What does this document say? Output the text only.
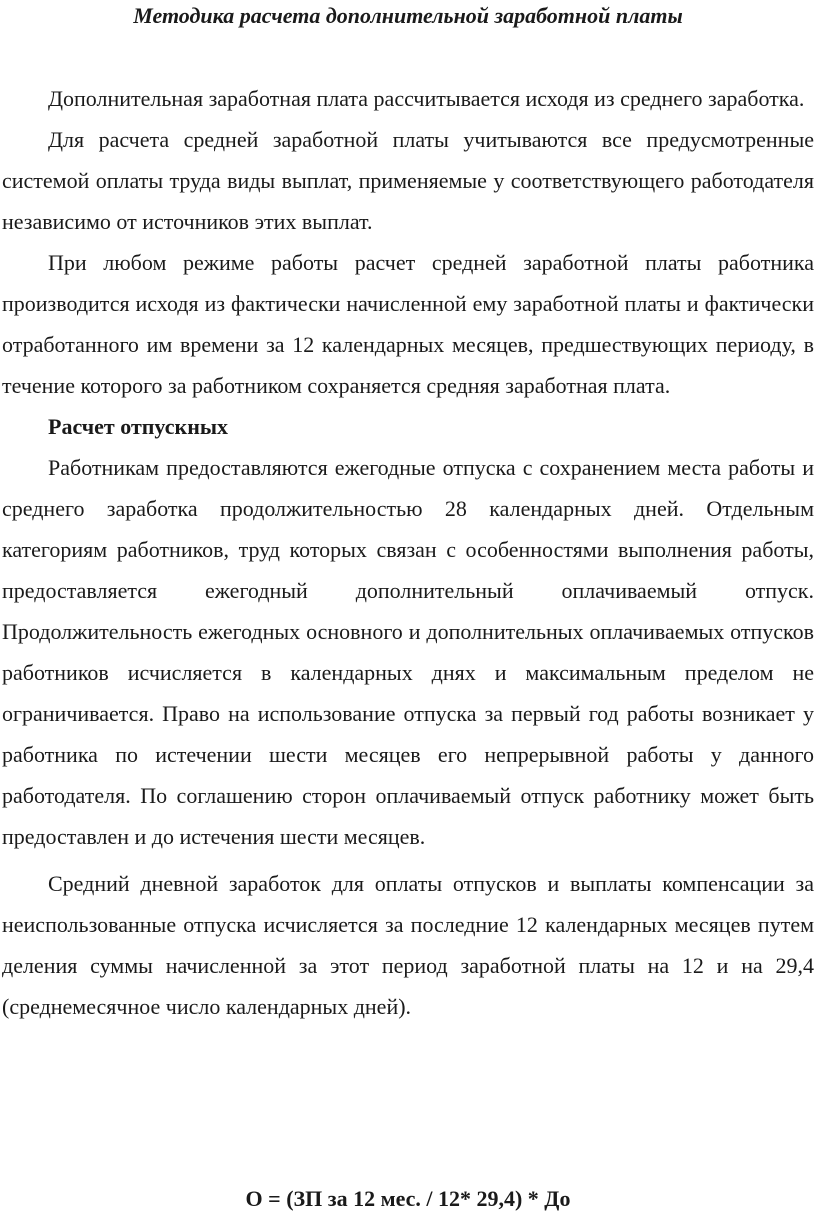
Методика расчета дополнительной заработной платы

Дополнительная заработная плата рассчитывается исходя из среднего заработка.

Для расчета средней заработной платы учитываются все предусмотренные системой оплаты труда виды выплат, применяемые у соответствующего работодателя независимо от источников этих выплат.

При любом режиме работы расчет средней заработной платы работника производится исходя из фактически начисленной ему заработной платы и фактически отработанного им времени за 12 календарных месяцев, предшествующих периоду, в течение которого за работником сохраняется средняя заработная плата.

Расчет отпускных

Работникам предоставляются ежегодные отпуска с сохранением места работы и среднего заработка продолжительностью 28 календарных дней. Отдельным категориям работников, труд которых связан с особенностями выполнения работы, предоставляется ежегодный дополнительный оплачиваемый отпуск. Продолжительность ежегодных основного и дополнительных оплачиваемых отпусков работников исчисляется в календарных днях и максимальным пределом не ограничивается. Право на использование отпуска за первый год работы возникает у работника по истечении шести месяцев его непрерывной работы у данного работодателя. По соглашению сторон оплачиваемый отпуск работнику может быть предоставлен и до истечения шести месяцев.

Средний дневной заработок для оплаты отпусков и выплаты компенсации за неиспользованные отпуска исчисляется за последние 12 календарных месяцев путем деления суммы начисленной за этот период заработной платы на 12 и на 29,4 (среднемесячное число календарных дней).

О = (ЗП за 12 мес. / 12* 29,4) * До
